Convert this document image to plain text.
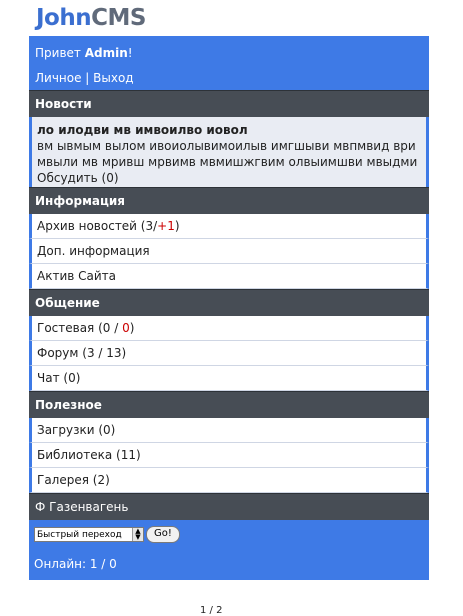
JohnCMS
Привет Admin!
Личное | Выход
Новости
ло илодви мв имвоилво иовол
вм ывмым вылом ивоиолывимоилыв имгшыви мвпмвид ври мвыли мв мривш мрвимв мвмишжгвим олвыимшви мвыдми
Обсудить (0)
Информация
Архив новостей (3/+1)
Доп. информация
Актив Сайта
Общение
Гостевая (0 / 0)
Форум (3 / 13)
Чат (0)
Полезное
Загрузки (0)
Библиотека (11)
Галерея (2)
Ф Газенвагень
Быстрый переход	▲
▼ Go!
Онлайн: 1 / 0
1 / 2
